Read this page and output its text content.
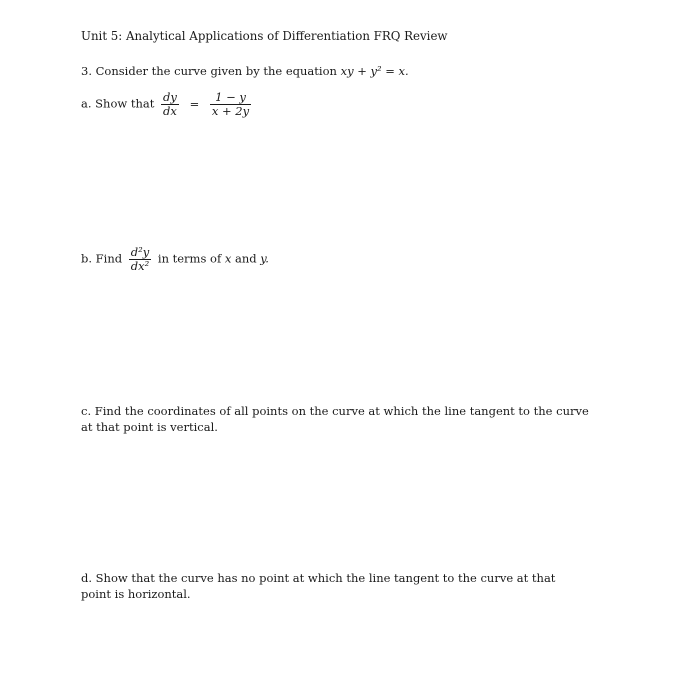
Unit 5: Analytical Applications of Differentiation FRQ Review
3. Consider the curve given by the equation xy + y² = x.
a. Show that $\frac{dy}{dx} = \frac{1 - y}{x + 2y}$
b. Find $\frac{\text{d²y}}{\text{dx²}}$ in terms of x and y.
c. Find the coordinates of all points on the curve at which the line tangent to the curve at that point is vertical.
d. Show that the curve has no point at which the line tangent to the curve at that point is horizontal.
